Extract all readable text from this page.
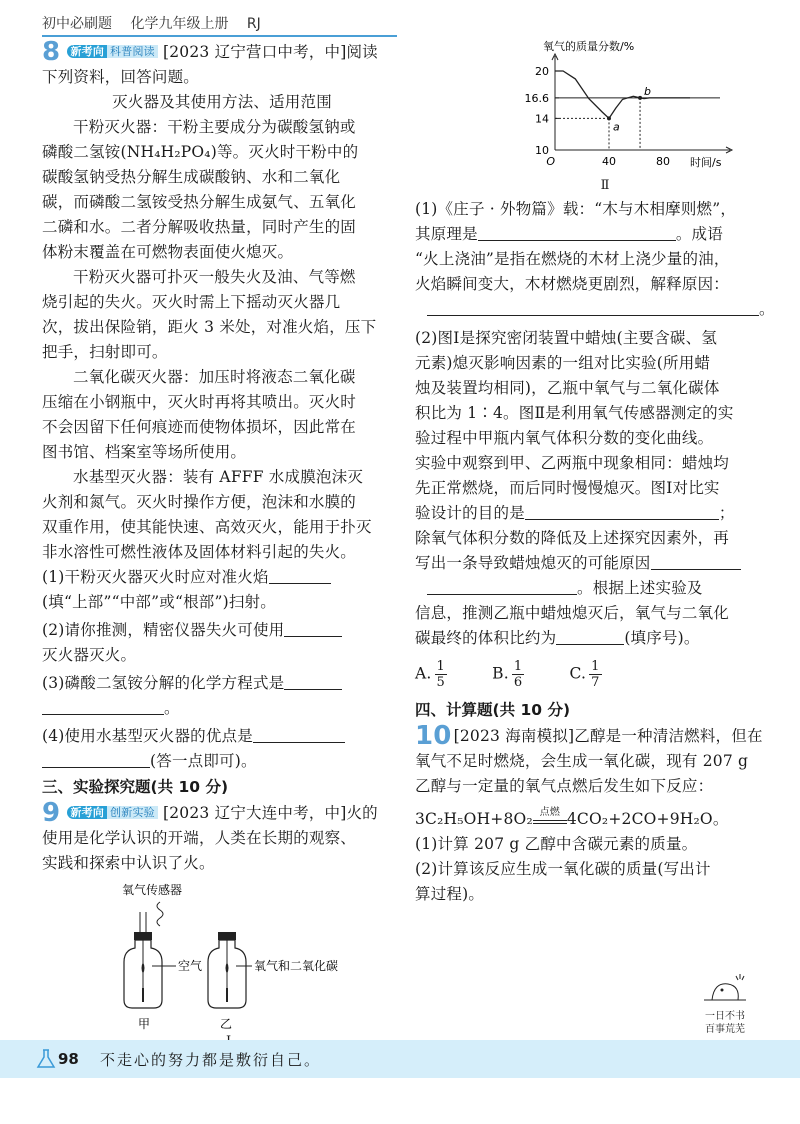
初中必刷题 化学九年级上册 RJ
8 新考向 科普阅读 [2023 辽宁营口中考，中]阅读
下列资料，回答问题。
灭火器及其使用方法、适用范围
干粉灭火器：干粉主要成分为碳酸氢钠或
磷酸二氢铵(NH₄H₂PO₄)等。灭火时干粉中的
碳酸氢钠受热分解生成碳酸钠、水和二氧化
碳，而磷酸二氢铵受热分解生成氨气、五氧化
二磷和水。二者分解吸收热量，同时产生的固
体粉末覆盖在可燃物表面使火熄灭。
干粉灭火器可扑灭一般失火及油、气等燃
烧引起的失火。灭火时需上下摇动灭火器几
次，拔出保险销，距火 3 米处，对准火焰，压下
把手，扫射即可。
二氧化碳灭火器：加压时将液态二氧化碳
压缩在小钢瓶中，灭火时再将其喷出。灭火时
不会因留下任何痕迹而使物体损坏，因此常在
图书馆、档案室等场所使用。
水基型灭火器：装有 AFFF 水成膜泡沫灭
火剂和氮气。灭火时操作方便，泡沫和水膜的
双重作用，使其能快速、高效灭火，能用于扑灭
非水溶性可燃性液体及固体材料引起的失火。
(1)干粉灭火器灭火时应对准火焰
(填“上部”“中部”或“根部”)扫射。
(2)请你推测，精密仪器失火可使用
灭火器灭火。
(3)磷酸二氢铵分解的化学方程式是
。
(4)使用水基型灭火器的优点是
(答一点即可)。
三、实验探究题(共 10 分)
9 新考向 创新实验 [2023 辽宁大连中考，中]火的
使用是化学认识的开端，人类在长期的观察、
实践和探索中认识了火。
氧气传感器
空气	氧气和二氧化碳
甲	乙
氧气的质量分数/%
时间/s
10
14
16.6
20
O	40	80
a
b
Ⅱ
(1)《庄子 · 外物篇》载：“木与木相摩则燃”，
其原理是	。成语
“火上浇油”是指在燃烧的木材上浇少量的油，
火焰瞬间变大，木材燃烧更剧烈，解释原因：
。
(2)图Ⅰ是探究密闭装置中蜡烛(主要含碳、氢
元素)熄灭影响因素的一组对比实验(所用蜡
烛及装置均相同)，乙瓶中氧气与二氧化碳体
积比为 1∶4。图Ⅱ是利用氧气传感器测定的实
验过程中甲瓶内氧气体积分数的变化曲线。
实验中观察到甲、乙两瓶中现象相同：蜡烛均
先正常燃烧，而后同时慢慢熄灭。图Ⅰ对比实
验设计的目的是	；
除氧气体积分数的降低及上述探究因素外，再
写出一条导致蜡烛熄灭的可能原因
。根据上述实验及
信息，推测乙瓶中蜡烛熄灭后，氧气与二氧化
碳最终的体积比约为	(填序号)。
A. $\frac{1}{5}$	B. $\frac{1}{6}$	C. $\frac{1}{7}$
四、计算题(共 10 分)
10 [2023 海南模拟]乙醇是一种清洁燃料，但在
氧气不足时燃烧，会生成一氧化碳，现有 207 g
乙醇与一定量的氧气点燃后发生如下反应：
3C₂H₅OH+8O₂ 点燃 4CO₂+2CO+9H₂O。
(1)计算 207 g 乙醇中含碳元素的质量。
(2)计算该反应生成一氧化碳的质量(写出计
算过程)。
一日不书
百事荒芜
98 不走心的努力都是敷衍自己。
